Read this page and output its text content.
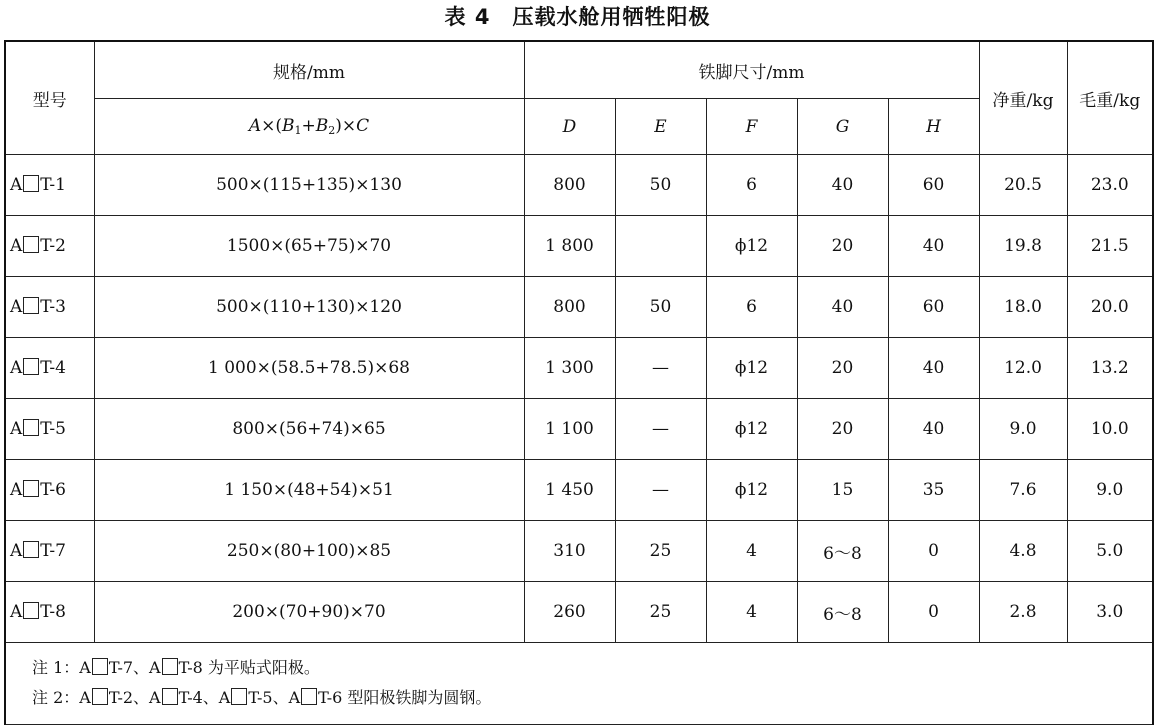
表 4 压载水舱用牺牲阳极
型号	规格/mm	铁脚尺寸/mm					净重/kg	毛重/kg
	$A\times(B_1+B_2)\times C$	D	E	F	G	H		
A T-1	500×(115+135)×130	800	50	6	40	60	20.5	23.0
A T-2	1500×(65+75)×70	1 800		ϕ12	20	40	19.8	21.5
A T-3	500×(110+130)×120	800	50	6	40	60	18.0	20.0
A T-4	1 000×(58.5+78.5)×68	1 300	—	ϕ12	20	40	12.0	13.2
A T-5	800×(56+74)×65	1 100	—	ϕ12	20	40	9.0	10.0
A T-6	1 150×(48+54)×51	1 450	—	ϕ12	15	35	7.6	9.0
A T-7	250×(80+100)×85	310	25	4	6～8	0	4.8	5.0
A T-8	200×(70+90)×70	260	25	4	6～8	0	2.8	3.0

注 1：A T-7、A T-8 为平贴式阳极。
注 2：A T-2、A T-4、A T-5、A T-6 型阳极铁脚为圆钢。								
